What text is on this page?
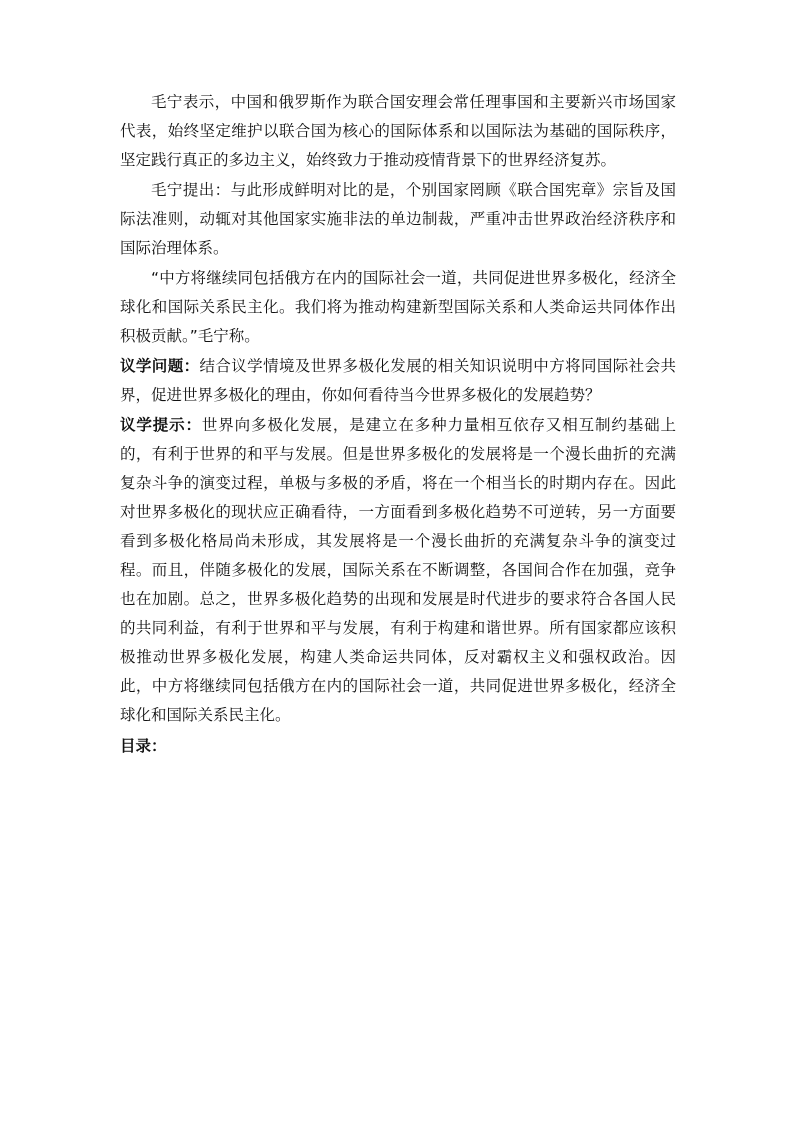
毛宁表示，中国和俄罗斯作为联合国安理会常任理事国和主要新兴市场国家代表，始终坚定维护以联合国为核心的国际体系和以国际法为基础的国际秩序，坚定践行真正的多边主义，始终致力于推动疫情背景下的世界经济复苏。

毛宁提出：与此形成鲜明对比的是，个别国家罔顾《联合国宪章》宗旨及国际法准则，动辄对其他国家实施非法的单边制裁，严重冲击世界政治经济秩序和国际治理体系。

“中方将继续同包括俄方在内的国际社会一道，共同促进世界多极化，经济全球化和国际关系民主化。我们将为推动构建新型国际关系和人类命运共同体作出积极贡献。”毛宁称。

议学问题：结合议学情境及世界多极化发展的相关知识说明中方将同国际社会共界，促进世界多极化的理由，你如何看待当今世界多极化的发展趋势？

议学提示：世界向多极化发展，是建立在多种力量相互依存又相互制约基础上的，有利于世界的和平与发展。但是世界多极化的发展将是一个漫长曲折的充满复杂斗争的演变过程，单极与多极的矛盾，将在一个相当长的时期内存在。因此对世界多极化的现状应正确看待，一方面看到多极化趋势不可逆转，另一方面要看到多极化格局尚未形成，其发展将是一个漫长曲折的充满复杂斗争的演变过程。而且，伴随多极化的发展，国际关系在不断调整，各国间合作在加强，竞争也在加剧。总之，世界多极化趋势的出现和发展是时代进步的要求符合各国人民的共同利益，有利于世界和平与发展，有利于构建和谐世界。所有国家都应该积极推动世界多极化发展，构建人类命运共同体，反对霸权主义和强权政治。因此，中方将继续同包括俄方在内的国际社会一道，共同促进世界多极化，经济全球化和国际关系民主化。

目录：
